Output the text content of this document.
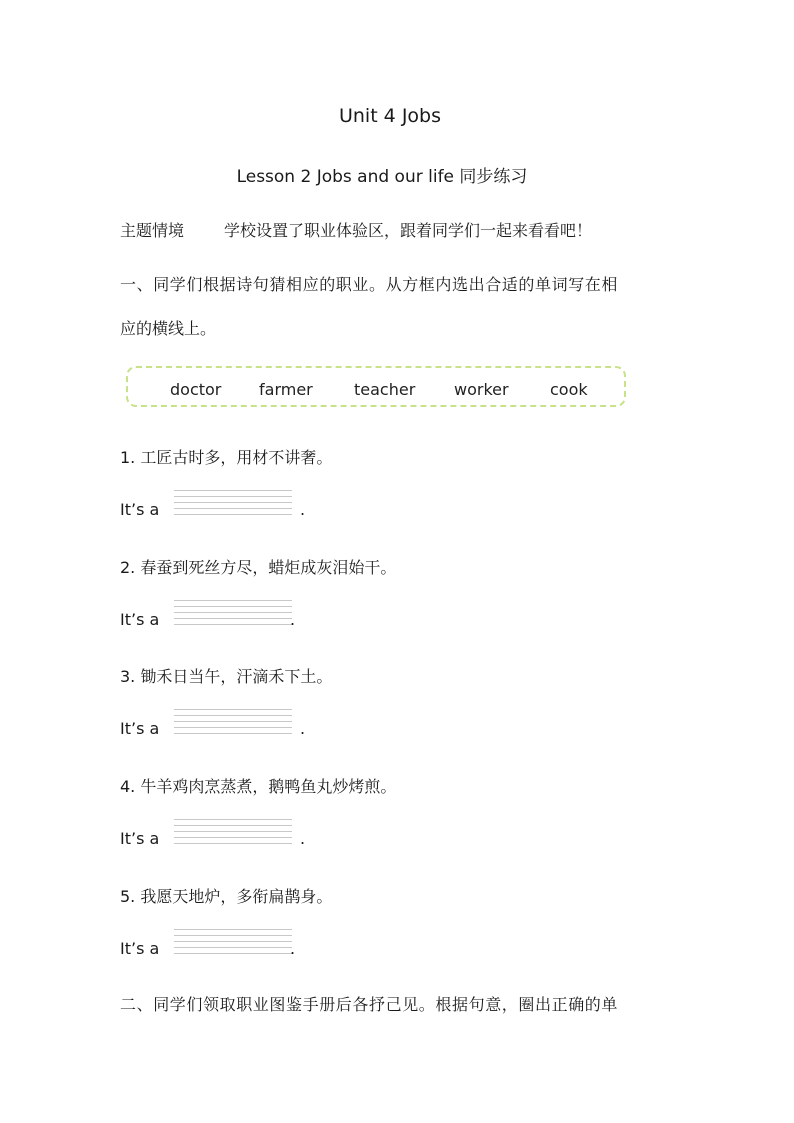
Unit 4 Jobs
Lesson 2 Jobs and our life 同步练习
主题情境 学校设置了职业体验区，跟着同学们一起来看看吧！
一、同学们根据诗句猜相应的职业。从方框内选出合适的单词写在相
应的横线上。
doctor farmer	teacher worker	cook
1. 工匠古时多，用材不讲奢。
It’s a	.
2. 春蚕到死丝方尽，蜡炬成灰泪始干。
It’s a	.
3. 锄禾日当午，汗滴禾下土。
It’s a	.
4. 牛羊鸡肉烹蒸煮，鹅鸭鱼丸炒烤煎。
It’s a	.
5. 我愿天地炉，多衔扁鹊身。
It’s a	.
二、同学们领取职业图鉴手册后各抒己见。根据句意，圈出正确的单
